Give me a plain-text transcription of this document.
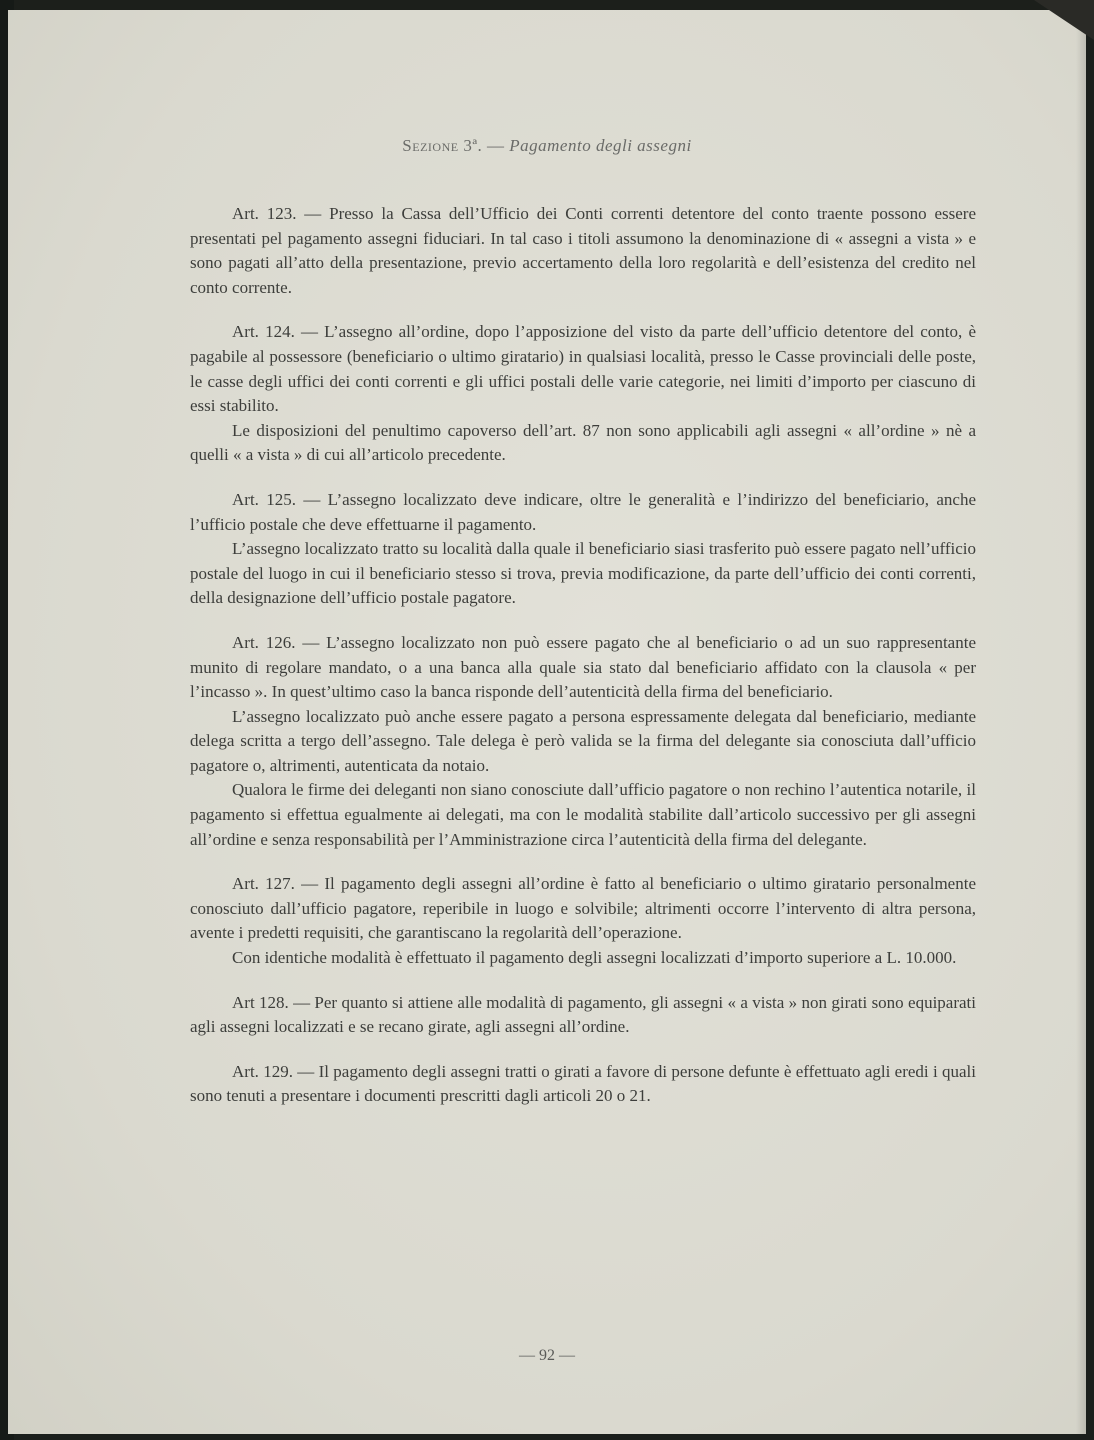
Sezione 3ª. — Pagamento degli assegni

Art. 123. — Presso la Cassa dell’Ufficio dei Conti correnti detentore del conto traente possono essere presentati pel pagamento assegni fiduciari. In tal caso i titoli assumono la denominazione di « assegni a vista » e sono pagati all’atto della presentazione, previo accertamento della loro regolarità e dell’esistenza del credito nel conto corrente.

Art. 124. — L’assegno all’ordine, dopo l’apposizione del visto da parte dell’ufficio detentore del conto, è pagabile al possessore (beneficiario o ultimo giratario) in qualsiasi località, presso le Casse provinciali delle poste, le casse degli uffici dei conti correnti e gli uffici postali delle varie categorie, nei limiti d’importo per ciascuno di essi stabilito.

Le disposizioni del penultimo capoverso dell’art. 87 non sono applicabili agli assegni « all’ordine » nè a quelli « a vista » di cui all’articolo precedente.

Art. 125. — L’assegno localizzato deve indicare, oltre le generalità e l’indirizzo del beneficiario, anche l’ufficio postale che deve effettuarne il pagamento.

L’assegno localizzato tratto su località dalla quale il beneficiario siasi trasferito può essere pagato nell’ufficio postale del luogo in cui il beneficiario stesso si trova, previa modificazione, da parte dell’ufficio dei conti correnti, della designazione dell’ufficio postale pagatore.

Art. 126. — L’assegno localizzato non può essere pagato che al beneficiario o ad un suo rappresentante munito di regolare mandato, o a una banca alla quale sia stato dal beneficiario affidato con la clausola « per l’incasso ». In quest’ultimo caso la banca risponde dell’autenticità della firma del beneficiario.

L’assegno localizzato può anche essere pagato a persona espressamente delegata dal beneficiario, mediante delega scritta a tergo dell’assegno. Tale delega è però valida se la firma del delegante sia conosciuta dall’ufficio pagatore o, altrimenti, autenticata da notaio.

Qualora le firme dei deleganti non siano conosciute dall’ufficio pagatore o non rechino l’autentica notarile, il pagamento si effettua egualmente ai delegati, ma con le modalità stabilite dall’articolo successivo per gli assegni all’ordine e senza responsabilità per l’Amministrazione circa l’autenticità della firma del delegante.

Art. 127. — Il pagamento degli assegni all’ordine è fatto al beneficiario o ultimo giratario personalmente conosciuto dall’ufficio pagatore, reperibile in luogo e solvibile; altrimenti occorre l’intervento di altra persona, avente i predetti requisiti, che garantiscano la regolarità dell’operazione.

Con identiche modalità è effettuato il pagamento degli assegni localizzati d’importo superiore a L. 10.000.

Art 128. — Per quanto si attiene alle modalità di pagamento, gli assegni « a vista » non girati sono equiparati agli assegni localizzati e se recano girate, agli assegni all’ordine.

Art. 129. — Il pagamento degli assegni tratti o girati a favore di persone defunte è effettuato agli eredi i quali sono tenuti a presentare i documenti prescritti dagli articoli 20 o 21.

— 92 —
